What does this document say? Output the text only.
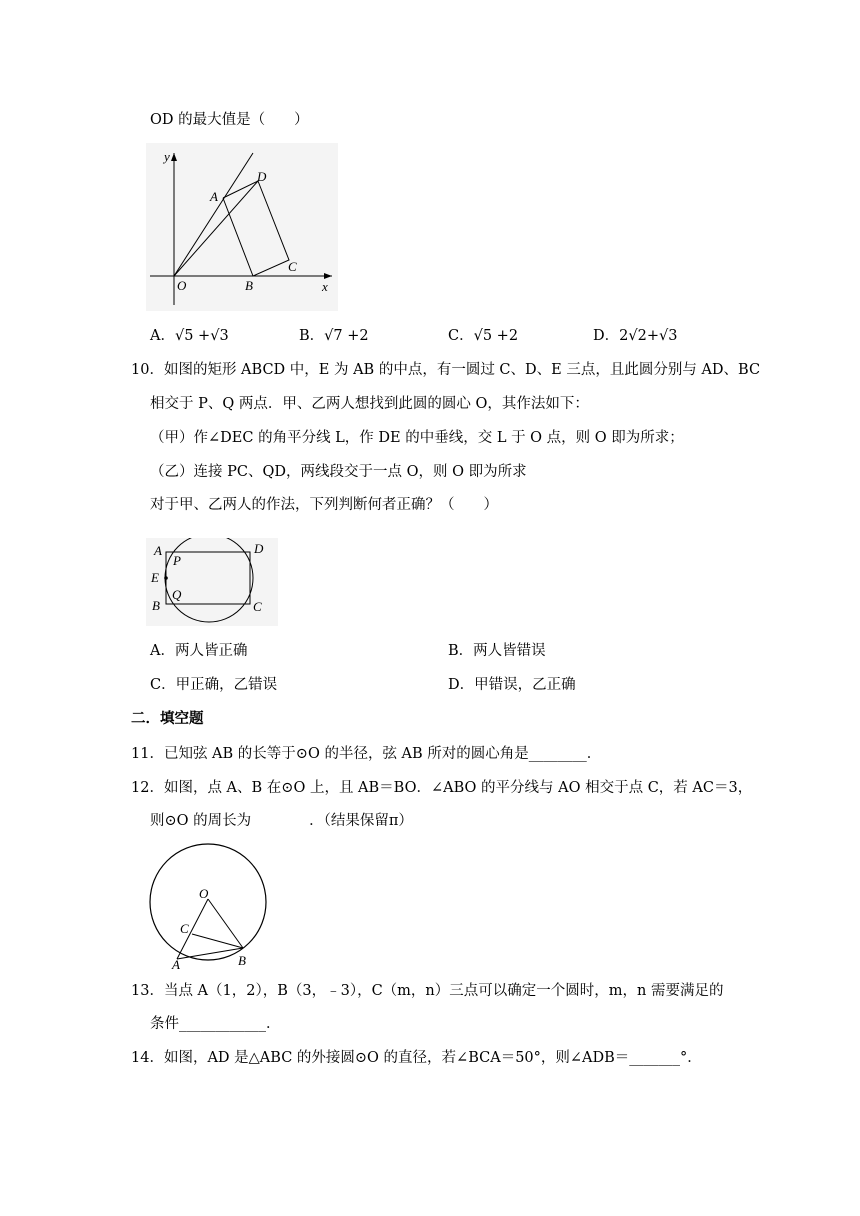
OD 的最大值是（　　）
y
x
O
A
D
C
B
A．√5 +√3	B．√7 +2	C．√5 +2	D．2√2+√3
10．如图的矩形 ABCD 中，E 为 AB 的中点，有一圆过 C、D、E 三点，且此圆分别与 AD、BC
相交于 P、Q 两点．甲、乙两人想找到此圆的圆心 O，其作法如下：
（甲）作∠DEC 的角平分线 L，作 DE 的中垂线，交 L 于 O 点，则 O 即为所求；
（乙）连接 PC、QD，两线段交于一点 O，则 O 即为所求
对于甲、乙两人的作法，下列判断何者正确？（　　）
A	D
P
E
B
Q
C
A．两人皆正确	B．两人皆错误
C．甲正确，乙错误	D．甲错误，乙正确
二．填空题
11．已知弦 AB 的长等于⊙O 的半径，弦 AB 所对的圆心角是________．
12．如图，点 A、B 在⊙O 上，且 AB＝BO．∠ABO 的平分线与 AO 相交于点 C，若 AC＝3，
则⊙O 的周长为　　　　．（结果保留π）
O
C
A	B
13．当点 A（1，2），B（3，﹣3），C（m，n）三点可以确定一个圆时，m，n 需要满足的
条件____________．
14．如图，AD 是△ABC 的外接圆⊙O 的直径，若∠BCA＝50°，则∠ADB＝_______°．
